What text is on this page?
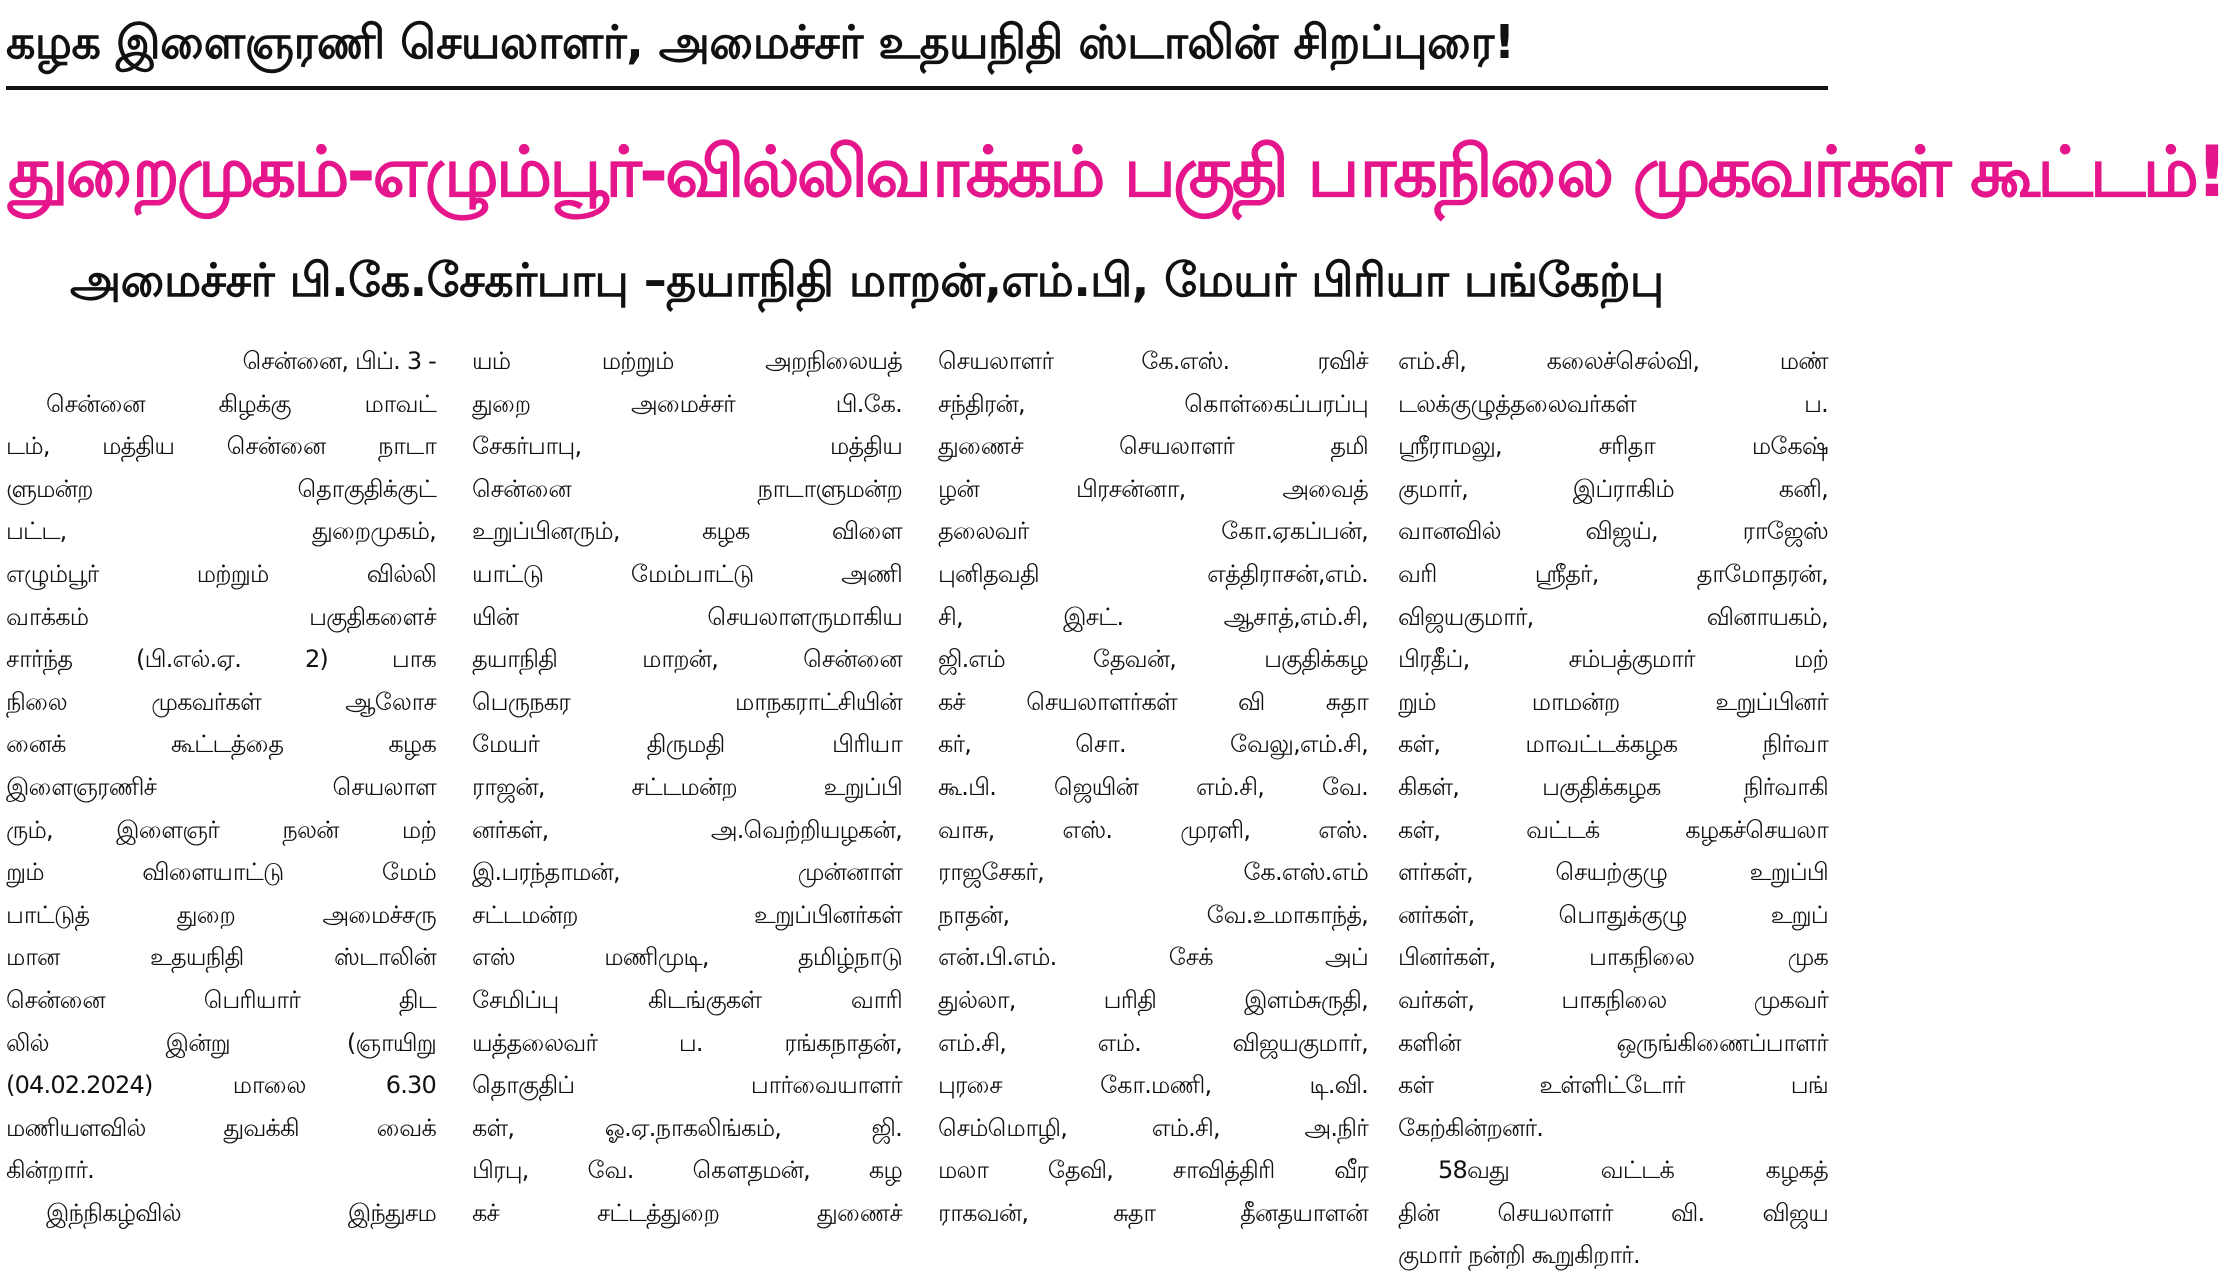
கழக இளைஞரணி செயலாளர், அமைச்சர் உதயநிதி ஸ்டாலின் சிறப்புரை!
துறைமுகம்-எழும்பூர்-வில்லிவாக்கம் பகுதி பாகநிலை முகவர்கள் கூட்டம்!
அமைச்சர் பி.கே.சேகர்பாபு –தயாநிதி மாறன்,எம்.பி, மேயர் பிரியா பங்கேற்பு
சென்னை, பிப். 3 -
சென்னை கிழக்கு மாவட்
டம், மத்திய சென்னை நாடா
ளுமன்ற தொகுதிக்குட்
பட்ட, துறைமுகம்,
எழும்பூர் மற்றும் வில்லி
வாக்கம் பகுதிகளைச்
சார்ந்த (பி.எல்.ஏ. 2) பாக
நிலை முகவர்கள் ஆலோச
னைக் கூட்டத்தை கழக
இளைஞரணிச் செயலாள
ரும், இளைஞர் நலன் மற்
றும் விளையாட்டு மேம்
பாட்டுத் துறை அமைச்சரு
மான உதயநிதி ஸ்டாலின்
சென்னை பெரியார் திட
லில் இன்று (ஞாயிறு
(04.02.2024) மாலை 6.30
மணியளவில் துவக்கி வைக்
கின்றார்.
இந்நிகழ்வில் இந்துசம
யம் மற்றும் அறநிலையத்
துறை அமைச்சர் பி.கே.
சேகர்பாபு, மத்திய
சென்னை நாடாளுமன்ற
உறுப்பினரும், கழக விளை
யாட்டு மேம்பாட்டு அணி
யின் செயலாளருமாகிய
தயாநிதி மாறன், சென்னை
பெருநகர மாநகராட்சியின்
மேயர் திருமதி பிரியா
ராஜன், சட்டமன்ற உறுப்பி
னர்கள், அ.வெற்றியழகன்,
இ.பரந்தாமன், முன்னாள்
சட்டமன்ற உறுப்பினர்கள்
எஸ் மணிமுடி, தமிழ்நாடு
சேமிப்பு கிடங்குகள் வாரி
யத்தலைவர் ப. ரங்கநாதன்,
தொகுதிப் பார்வையாளர்
கள், ஓ.ஏ.நாகலிங்கம், ஜி.
பிரபு, வே. கௌதமன், கழ
கச் சட்டத்துறை துணைச்
செயலாளர் கே.எஸ். ரவிச்
சந்திரன், கொள்கைப்பரப்பு
துணைச் செயலாளர் தமி
ழன் பிரசன்னா, அவைத்
தலைவர் கோ.ஏகப்பன்,
புனிதவதி எத்திராசன்,எம்.
சி, இசட். ஆசாத்,எம்.சி,
ஜி.எம் தேவன், பகுதிக்கழ
கச் செயலாளர்கள் வி சுதா
கர், சொ. வேலு,எம்.சி,
கூ.பி. ஜெயின் எம்.சி, வே.
வாசு, எஸ். முரளி, எஸ்.
ராஜசேகர், கே.எஸ்.எம்
நாதன், வே.உமாகாந்த்,
என்.பி.எம். சேக் அப்
துல்லா, பரிதி இளம்சுருதி,
எம்.சி, எம். விஜயகுமார்,
புரசை கோ.மணி, டி.வி.
செம்மொழி, எம்.சி, அ.நிர்
மலா தேவி, சாவித்திரி வீர
ராகவன், சுதா தீனதயாளன்
எம்.சி, கலைச்செல்வி, மண்
டலக்குழுத்தலைவர்கள் ப.
ஸ்ரீராமலு, சரிதா மகேஷ்
குமார், இப்ராகிம் கனி,
வானவில் விஜய், ராஜேஸ்
வரி ஸ்ரீதர், தாமோதரன்,
விஜயகுமார், வினாயகம்,
பிரதீப், சம்பத்குமார் மற்
றும் மாமன்ற உறுப்பினர்
கள், மாவட்டக்கழக நிர்வா
கிகள், பகுதிக்கழக நிர்வாகி
கள், வட்டக் கழகச்செயலா
ளர்கள், செயற்குழு உறுப்பி
னர்கள், பொதுக்குழு உறுப்
பினர்கள், பாகநிலை முக
வர்கள், பாகநிலை முகவர்
களின் ஒருங்கிணைப்பாளர்
கள் உள்ளிட்டோர் பங்
கேற்கின்றனர்.
58வது வட்டக் கழகத்
தின் செயலாளர் வி. விஜய
குமார் நன்றி கூறுகிறார்.
